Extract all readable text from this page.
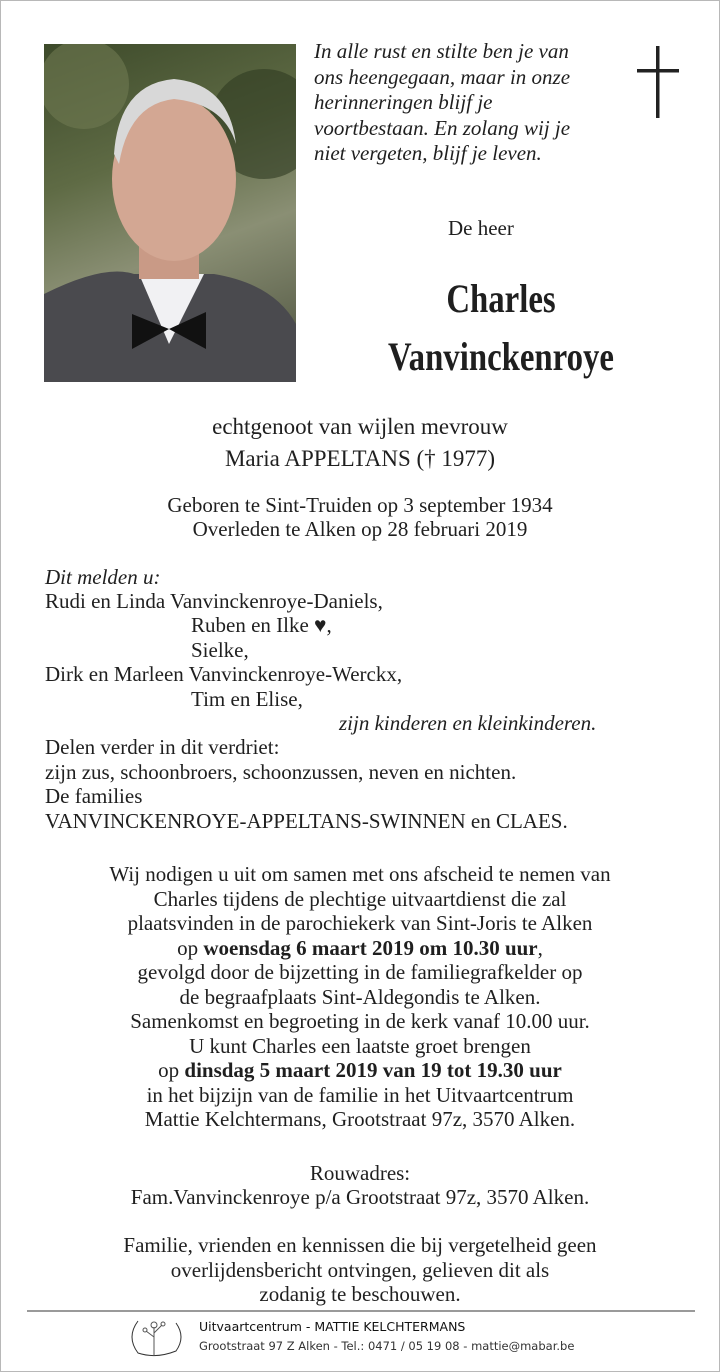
In alle rust en stilte ben je van
ons heengegaan, maar in onze
herinneringen blijf je
voortbestaan. En zolang wij je
niet vergeten, blijf je leven.
De heer
Charles
Vanvinckenroye
echtgenoot van wijlen mevrouw
Maria APPELTANS († 1977)
Geboren te Sint-Truiden op 3 september 1934
Overleden te Alken op 28 februari 2019
Dit melden u:
Rudi en Linda Vanvinckenroye-Daniels,
Ruben en Ilke ♥,
Sielke,
Dirk en Marleen Vanvinckenroye-Werckx,
Tim en Elise,
zijn kinderen en kleinkinderen.
Delen verder in dit verdriet:
zijn zus, schoonbroers, schoonzussen, neven en nichten.
De families
VANVINCKENROYE-APPELTANS-SWINNEN en CLAES.
Wij nodigen u uit om samen met ons afscheid te nemen van
Charles tijdens de plechtige uitvaartdienst die zal
plaatsvinden in de parochiekerk van Sint-Joris te Alken
op woensdag 6 maart 2019 om 10.30 uur,
gevolgd door de bijzetting in de familiegrafkelder op
de begraafplaats Sint-Aldegondis te Alken.
Samenkomst en begroeting in de kerk vanaf 10.00 uur.
U kunt Charles een laatste groet brengen
op dinsdag 5 maart 2019 van 19 tot 19.30 uur
in het bijzijn van de familie in het Uitvaartcentrum
Mattie Kelchtermans, Grootstraat 97z, 3570 Alken.
Rouwadres:
Fam.Vanvinckenroye p/a Grootstraat 97z, 3570 Alken.
Familie, vrienden en kennissen die bij vergetelheid geen
overlijdensbericht ontvingen, gelieven dit als
zodanig te beschouwen.
Uitvaartcentrum - MATTIE KELCHTERMANS
Grootstraat 97 Z Alken - Tel.: 0471 / 05 19 08 - mattie@mabar.be
